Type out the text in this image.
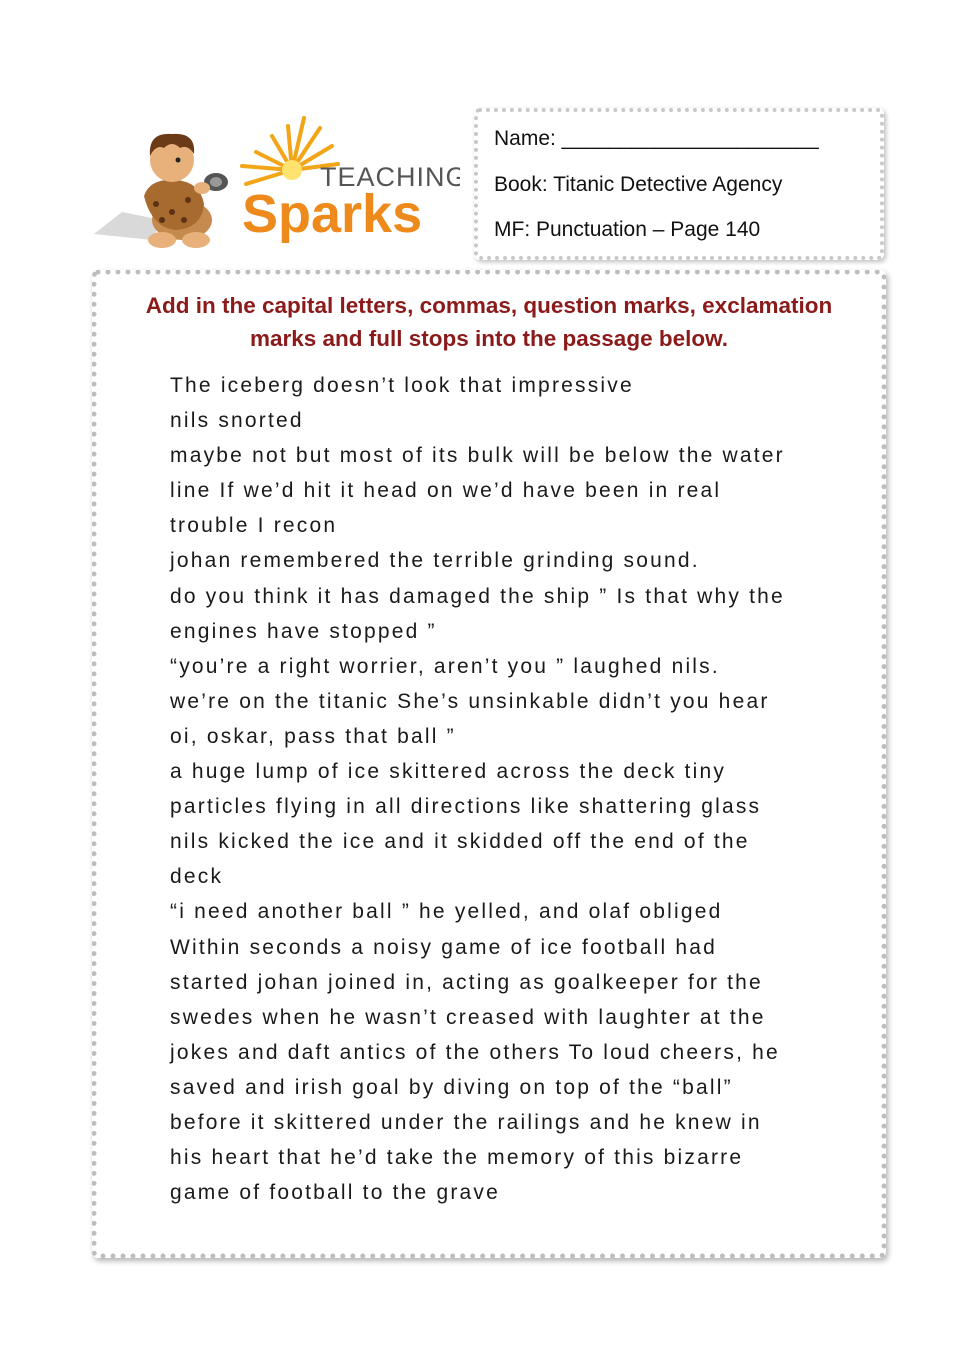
TEACHING
Sparks
Name: ______________________
Book: Titanic Detective Agency
MF: Punctuation – Page 140
Add in the capital letters, commas, question marks, exclamation
marks and full stops into the passage below.
The iceberg doesn’t look that impressive
nils snorted
maybe not but most of its bulk will be below the water
line If we’d hit it head on we’d have been in real
trouble I recon
johan remembered the terrible grinding sound.
do you think it has damaged the ship ” Is that why the
engines have stopped ”
“you’re a right worrier, aren’t you ” laughed nils.
we’re on the titanic She’s unsinkable didn’t you hear
oi, oskar, pass that ball ”
a huge lump of ice skittered across the deck tiny
particles flying in all directions like shattering glass
nils kicked the ice and it skidded off the end of the
deck
“i need another ball ” he yelled, and olaf obliged
Within seconds a noisy game of ice football had
started johan joined in, acting as goalkeeper for the
swedes when he wasn’t creased with laughter at the
jokes and daft antics of the others To loud cheers, he
saved and irish goal by diving on top of the “ball”
before it skittered under the railings and he knew in
his heart that he’d take the memory of this bizarre
game of football to the grave
